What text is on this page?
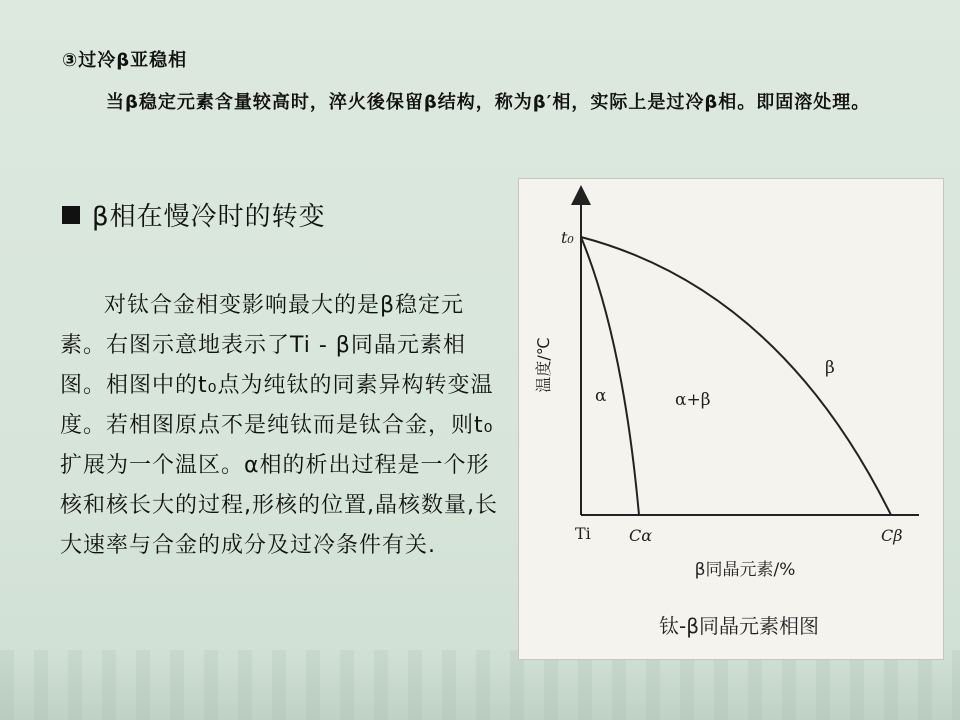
③过冷β亚稳相
当β稳定元素含量较高时，淬火後保留β结构，称为β′相，实际上是过冷β相。即固溶处理。
β相在慢冷时的转变
对钛合金相变影响最大的是β稳定元素。右图示意地表示了Ti - β同晶元素相图。相图中的t₀点为纯钛的同素异构转变温度。若相图原点不是纯钛而是钛合金，则t₀扩展为一个温区。α相的析出过程是一个形核和核长大的过程,形核的位置,晶核数量,长大速率与合金的成分及过冷条件有关.
t₀
Ti Cα	Cβ
α	α+β
β
温度/℃
β同晶元素/%
钛-β同晶元素相图
